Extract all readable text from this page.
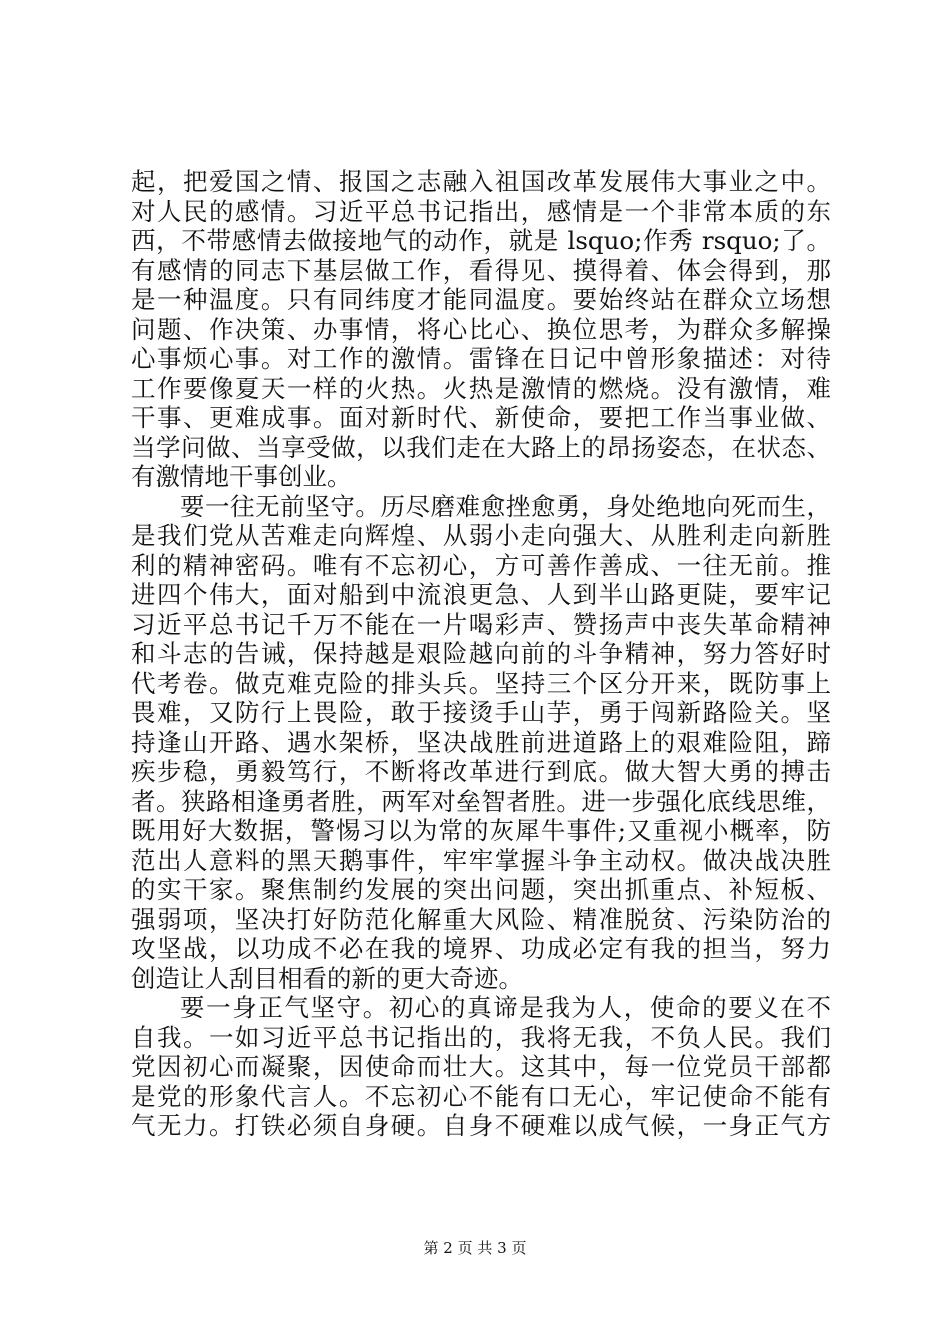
起，把爱国之情、报国之志融入祖国改革发展伟大事业之中。
对人民的感情。习近平总书记指出，感情是一个非常本质的东
西，不带感情去做接地气的动作，就是 lsquo;作秀 rsquo;了。
有感情的同志下基层做工作，看得见、摸得着、体会得到，那
是一种温度。只有同纬度才能同温度。要始终站在群众立场想
问题、作决策、办事情，将心比心、换位思考，为群众多解操
心事烦心事。对工作的激情。雷锋在日记中曾形象描述：对待
工作要像夏天一样的火热。火热是激情的燃烧。没有激情，难
干事、更难成事。面对新时代、新使命，要把工作当事业做、
当学问做、当享受做，以我们走在大路上的昂扬姿态，在状态、
有激情地干事创业。
要一往无前坚守。历尽磨难愈挫愈勇，身处绝地向死而生，
是我们党从苦难走向辉煌、从弱小走向强大、从胜利走向新胜
利的精神密码。唯有不忘初心，方可善作善成、一往无前。推
进四个伟大，面对船到中流浪更急、人到半山路更陡，要牢记
习近平总书记千万不能在一片喝彩声、赞扬声中丧失革命精神
和斗志的告诫，保持越是艰险越向前的斗争精神，努力答好时
代考卷。做克难克险的排头兵。坚持三个区分开来，既防事上
畏难，又防行上畏险，敢于接烫手山芋，勇于闯新路险关。坚
持逢山开路、遇水架桥，坚决战胜前进道路上的艰难险阻，蹄
疾步稳，勇毅笃行，不断将改革进行到底。做大智大勇的搏击
者。狭路相逢勇者胜，两军对垒智者胜。进一步强化底线思维，
既用好大数据，警惕习以为常的灰犀牛事件;又重视小概率，防
范出人意料的黑天鹅事件，牢牢掌握斗争主动权。做决战决胜
的实干家。聚焦制约发展的突出问题，突出抓重点、补短板、
强弱项，坚决打好防范化解重大风险、精准脱贫、污染防治的
攻坚战，以功成不必在我的境界、功成必定有我的担当，努力
创造让人刮目相看的新的更大奇迹。
要一身正气坚守。初心的真谛是我为人，使命的要义在不
自我。一如习近平总书记指出的，我将无我，不负人民。我们
党因初心而凝聚，因使命而壮大。这其中，每一位党员干部都
是党的形象代言人。不忘初心不能有口无心，牢记使命不能有
气无力。打铁必须自身硬。自身不硬难以成气候，一身正气方
第 2 页 共 3 页
